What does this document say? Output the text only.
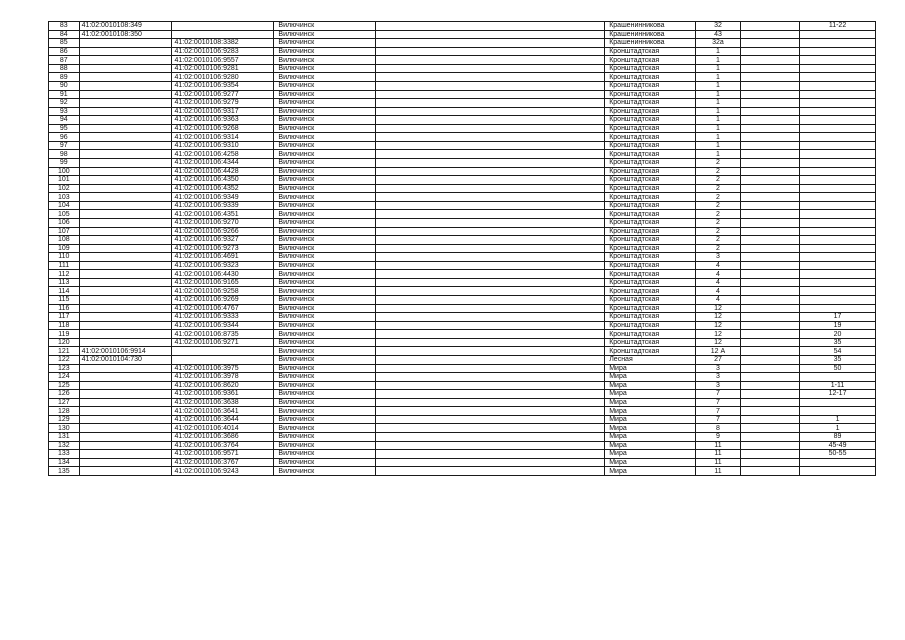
83	41:02:0010108:349		Вилючинск		Крашенинникова	32		11-22
84	41:02:0010108:350		Вилючинск		Крашенинникова	43		
85		41:02:0010108:3382	Вилючинск		Крашенинникова	32а		
86		41:02:0010106:9283	Вилючинск		Кронштадтская	1		
87		41:02:0010106:9557	Вилючинск		Кронштадтская	1		
88		41:02:0010106:9281	Вилючинск		Кронштадтская	1		
89		41:02:0010106:9280	Вилючинск		Кронштадтская	1		
90		41:02:0010106:9354	Вилючинск		Кронштадтская	1		
91		41:02:0010106:9277	Вилючинск		Кронштадтская	1		
92		41:02:0010106:9279	Вилючинск		Кронштадтская	1		
93		41:02:0010106:9317	Вилючинск		Кронштадтская	1		
94		41:02:0010106:9363	Вилючинск		Кронштадтская	1		
95		41:02:0010106:9268	Вилючинск		Кронштадтская	1		
96		41:02:0010106:9314	Вилючинск		Кронштадтская	1		
97		41:02:0010106:9310	Вилючинск		Кронштадтская	1		
98		41:02:0010106:4258	Вилючинск		Кронштадтская	1		
99		41:02:0010106:4344	Вилючинск		Кронштадтская	2		
100		41:02:0010106:4428	Вилючинск		Кронштадтская	2		
101		41:02:0010106:4350	Вилючинск		Кронштадтская	2		
102		41:02:0010106:4352	Вилючинск		Кронштадтская	2		
103		41:02:0010106:9349	Вилючинск		Кронштадтская	2		
104		41:02:0010106:9339	Вилючинск		Кронштадтская	2		
105		41:02:0010106:4351	Вилючинск		Кронштадтская	2		
106		41:02:0010106:9270	Вилючинск		Кронштадтская	2		
107		41:02:0010106:9266	Вилючинск		Кронштадтская	2		
108		41:02:0010106:9327	Вилючинск		Кронштадтская	2		
109		41:02:0010106:9273	Вилючинск		Кронштадтская	2		
110		41:02:0010106:4691	Вилючинск		Кронштадтская	3		
111		41:02:0010106:9323	Вилючинск		Кронштадтская	4		
112		41:02:0010106:4430	Вилючинск		Кронштадтская	4		
113		41:02:0010106:9165	Вилючинск		Кронштадтская	4		
114		41:02:0010106:9258	Вилючинск		Кронштадтская	4		
115		41:02:0010106:9269	Вилючинск		Кронштадтская	4		
116		41:02:0010106:4767	Вилючинск		Кронштадтская	12		
117		41:02:0010106:9333	Вилючинск		Кронштадтская	12		17
118		41:02:0010106:9344	Вилючинск		Кронштадтская	12		19
119		41:02:0010106:8735	Вилючинск		Кронштадтская	12		20
120		41:02:0010106:9271	Вилючинск		Кронштадтская	12		35
121	41:02:0010106:9914		Вилючинск		Кронштадтская	12 А		54
122	41:02:0010104:730		Вилючинск		Лесная	27		35
123		41:02:0010106:3975	Вилючинск		Мира	3		50
124		41:02:0010106:3978	Вилючинск		Мира	3		
125		41:02:0010106:8620	Вилючинск		Мира	3		1-11
126		41:02:0010106:9361	Вилючинск		Мира	7		12-17
127		41:02:0010106:3638	Вилючинск		Мира	7		
128		41:02:0010106:3641	Вилючинск		Мира	7		
129		41:02:0010106:3644	Вилючинск		Мира	7		1
130		41:02:0010106:4014	Вилючинск		Мира	8		1
131		41:02:0010106:3686	Вилючинск		Мира	9		89
132		41:02:0010106:3764	Вилючинск		Мира	11		45-49
133		41:02:0010106:9571	Вилючинск		Мира	11		50-55
134		41:02:0010106:3767	Вилючинск		Мира	11		
135		41:02:0010106:9243	Вилючинск		Мира	11		
